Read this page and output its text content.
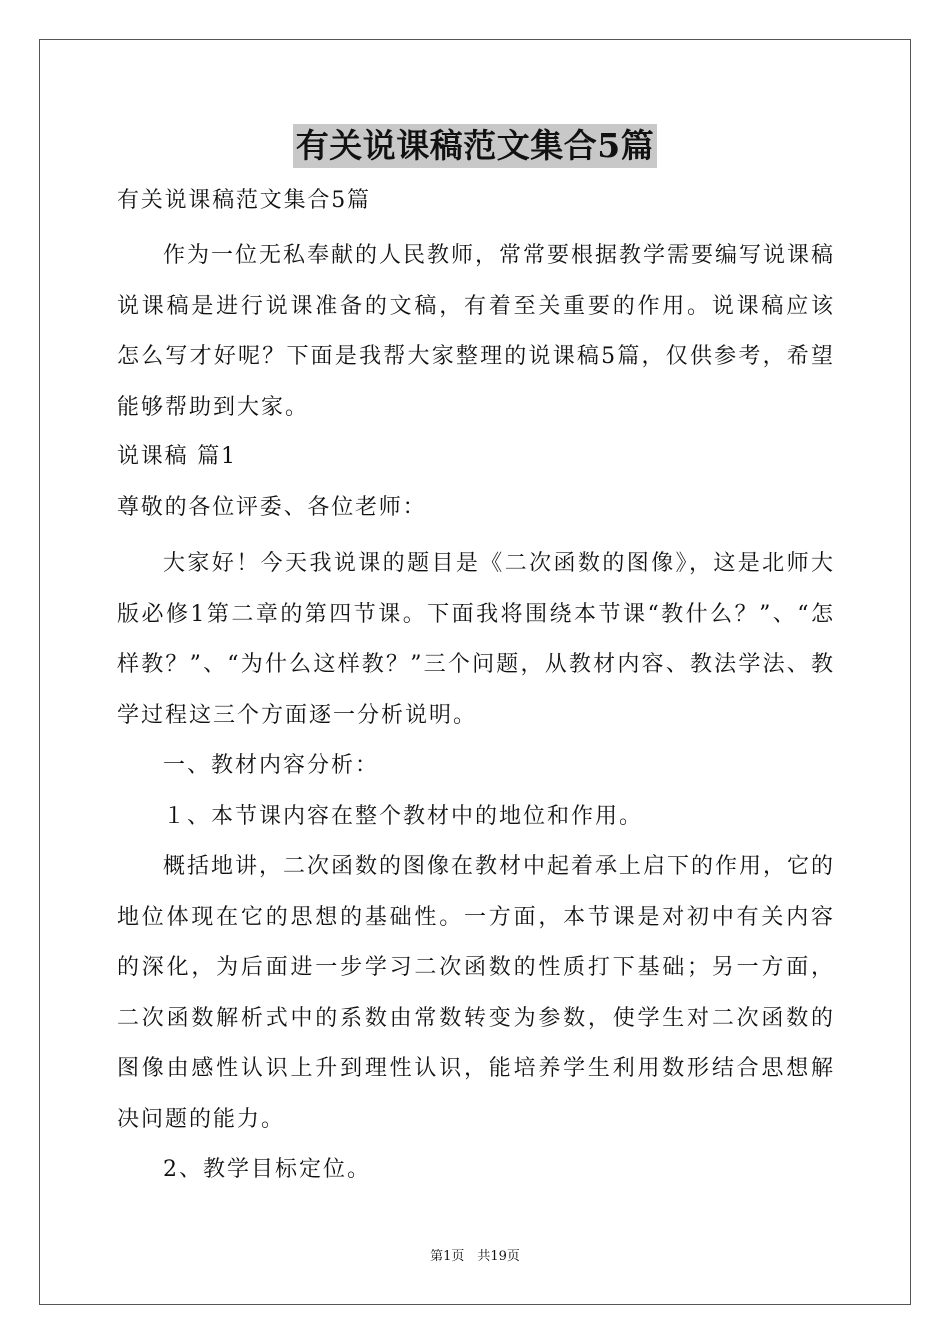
有关说课稿范文集合5篇

有关说课稿范文集合5篇

作为一位无私奉献的人民教师，常常要根据教学需要编写说课稿说课稿是进行说课准备的文稿，有着至关重要的作用。说课稿应该怎么写才好呢？下面是我帮大家整理的说课稿5篇，仅供参考，希望能够帮助到大家。

说课稿 篇1

尊敬的各位评委、各位老师：

大家好！今天我说课的题目是《二次函数的图像》，这是北师大版必修1第二章的第四节课。下面我将围绕本节课“教什么？”、“怎样教？”、“为什么这样教？”三个问题，从教材内容、教法学法、教学过程这三个方面逐一分析说明。

一、教材内容分析：

１、本节课内容在整个教材中的地位和作用。

概括地讲，二次函数的图像在教材中起着承上启下的作用，它的地位体现在它的思想的基础性。一方面，本节课是对初中有关内容的深化，为后面进一步学习二次函数的性质打下基础；另一方面，二次函数解析式中的系数由常数转变为参数，使学生对二次函数的图像由感性认识上升到理性认识，能培养学生利用数形结合思想解决问题的能力。

2、教学目标定位。

第1页　共19页
